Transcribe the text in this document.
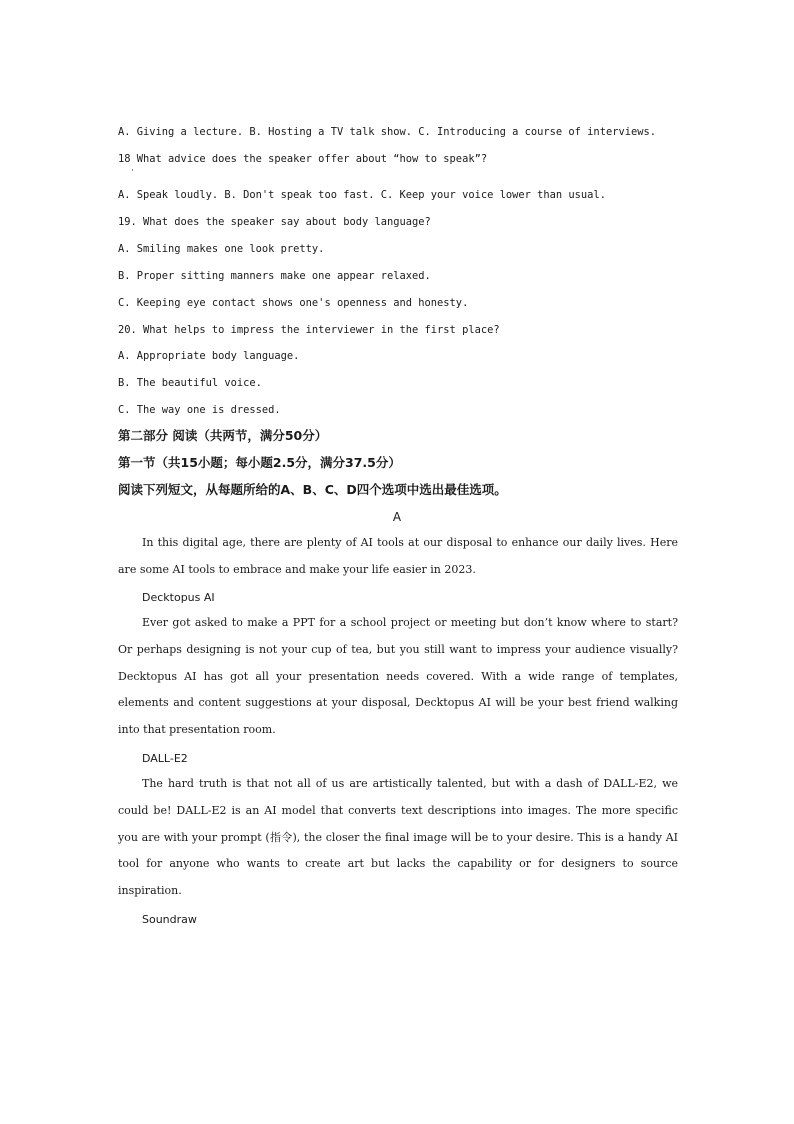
A. Giving a lecture. B. Hosting a TV talk show. C. Introducing a course of interviews.
18 What advice does the speaker offer about “how to speak”?
·
A. Speak loudly. B. Don't speak too fast. C. Keep your voice lower than usual.
19. What does the speaker say about body language?
A. Smiling makes one look pretty.
B. Proper sitting manners make one appear relaxed.
C. Keeping eye contact shows one's openness and honesty.
20. What helps to impress the interviewer in the first place?
A. Appropriate body language.
B. The beautiful voice.
C. The way one is dressed.
第二部分 阅读（共两节，满分50分）
第一节（共15小题；每小题2.5分，满分37.5分）
阅读下列短文，从每题所给的A、B、C、D四个选项中选出最佳选项。
A
In this digital age, there are plenty of AI tools at our disposal to enhance our daily lives. Here are some AI tools to embrace and make your life easier in 2023.
Decktopus AI
Ever got asked to make a PPT for a school project or meeting but don’t know where to start? Or perhaps designing is not your cup of tea, but you still want to impress your audience visually? Decktopus AI has got all your presentation needs covered. With a wide range of templates, elements and content suggestions at your disposal, Decktopus AI will be your best friend walking into that presentation room.
DALL-E2
The hard truth is that not all of us are artistically talented, but with a dash of DALL-E2, we could be! DALL-E2 is an AI model that converts text descriptions into images. The more specific you are with your prompt (指令), the closer the final image will be to your desire. This is a handy AI tool for anyone who wants to create art but lacks the capability or for designers to source inspiration.
Soundraw
